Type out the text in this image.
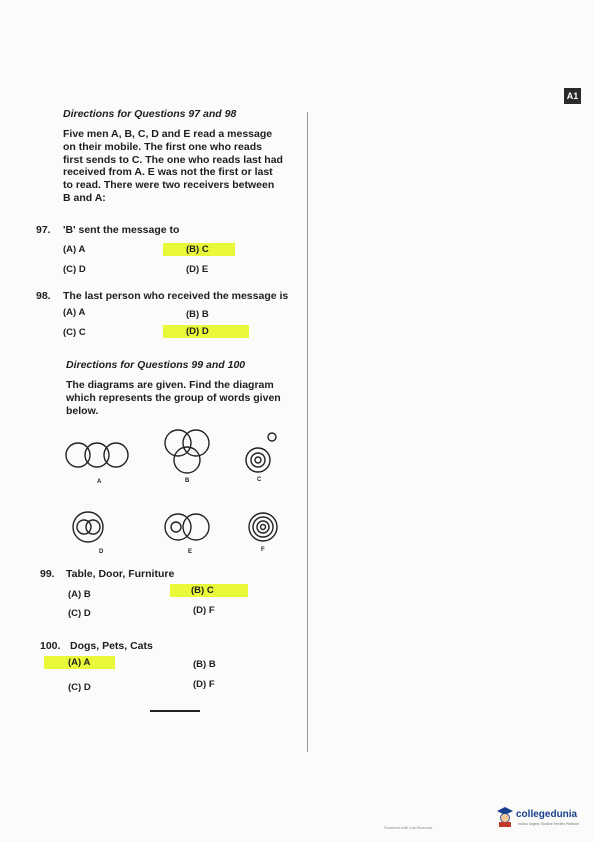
A1
Directions for Questions 97 and 98
Five men A, B, C, D and E read a message
on their mobile. The first one who reads
first sends to C. The one who reads last had
received from A. E was not the first or last
to read. There were two receivers between
B and A:
97. 'B' sent the message to
(A) A	(B) C
(C) D	(D) E
98. The last person who received the message is
(A) A	(B) B
(C) C	(D) D
Directions for Questions 99 and 100
The diagrams are given. Find the diagram
which represents the group of words given
below.
A	B	C
D	E	F
99. Table, Door, Furniture
(A) B	(B) C
(C) D	(D) F
100. Dogs, Pets, Cats
(A) A	(B) B
(C) D	(D) F
collegedunia
India's largest Student Review Platform
Scanned with CamScanner
